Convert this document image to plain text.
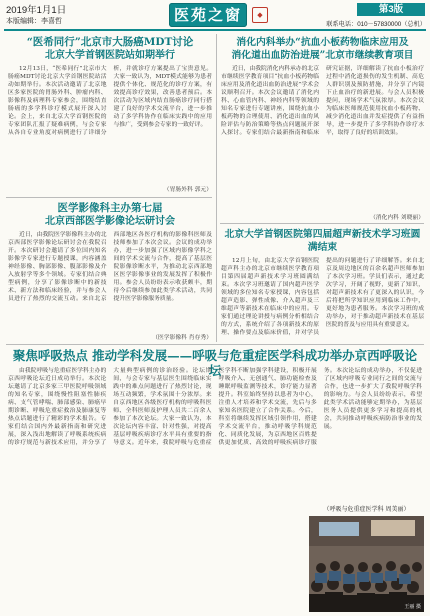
2019年1月1日
本版编辑：李喜哲	医苑之窗	◆	第3版
联系电话：010－57830000（总机）
“医希同行”北京市大肠癌MDT讨论
北京大学首钢医院站如期举行

12月13日，“医希同行”北京市大肠癌MDT讨论北京大学首钢医院站活动如期举行。本次活动邀请了北京地区多家医院的胃肠外科、肿瘤内科、影像科及病理科专家参会，围绕结直肠癌的多学科诊疗模式展开深入讨论。会上，来自北京大学首钢医院的专家团队汇报了疑难病例，与会专家从各自专业角度对病例进行了详细分析，并就诊疗方案提出了宝贵意见。大家一致认为，MDT模式能够为患者提供个体化、规范化的诊疗方案，有效提高诊疗效果，改善患者预后。本次活动为区域内结直肠癌诊疗同行搭建了良好的学术交流平台，进一步推动了多学科协作在临床实践中的应用与推广，受到参会专家的一致好评。

（胃肠外科 郭元）
医学影像科主办第七届
北京西部医学影像论坛研讨会

近日，由我院医学影像科主办的北京西部医学影像论坛研讨会在我院召开。本次研讨会邀请了多位国内知名影像学专家进行专题授课，内容涵盖神经影像、胸部影像、腹部影像及介入放射学等多个领域。专家们结合典型病例，分享了影像诊断中的新技术、新方法和临床经验，并与参会人员进行了热烈的交流互动。来自北京西部地区各医疗机构的影像科医师及技师参加了本次会议。会议的成功举办，进一步加强了区域内影像学科之间的学术交流与合作，提高了基层医院影像诊断水平，为推动北京西部地区医学影像事业的发展发挥了积极作用。参会人员纷纷表示收获颇丰，期待今后继续参加此类学术活动，共同提升医学影像服务质量。

（医学影像科 肖存秀）
消化内科举办“抗血小板药物临床应用及
消化道出血防治进展”北京市继续教育项目

近日，由我院消化内科承办的北京市继续医学教育项目“抗血小板药物临床应用及消化道出血防治进展”学术会议顺利召开。本次会议邀请了消化内科、心血管内科、神经内科等领域的知名专家进行专题讲座，围绕抗血小板药物的合理使用、消化道出血的风险评估与防治策略等热点问题展开深入探讨。专家们结合最新指南和临床研究证据，详细解读了抗血小板治疗过程中消化道损伤的发生机制、高危人群识别及预防措施，并分享了内镜下止血治疗的新进展。与会人员积极提问，现场学术气氛浓厚。本次会议为临床医师规范使用抗血小板药物、减少消化道出血并发症提供了有益指导，进一步提升了多学科协作诊疗水平，取得了良好的培训效果。

（消化内科 刘晓丽）
北京大学首钢医院第四届超声新技术学习班圆满结束

12月上旬，由北京大学首钢医院超声科主办的北京市继续医学教育项目第四届超声新技术学习班圆满结束。本次学习班邀请了国内超声医学领域的多位知名专家授课，内容包括超声造影、弹性成像、介入超声及三维超声等新技术在临床中的应用。专家们通过理论讲授与病例分析相结合的方式，系统介绍了各项新技术的原理、操作要点及临床价值，并对学员提出的问题进行了详细解答。来自北京及周边地区的百余名超声医师参加了本次学习班。学员们表示，通过此次学习，开阔了视野，更新了知识，对超声新技术有了更深入的认识，今后将把所学知识应用到临床工作中，更好地为患者服务。本次学习班的成功举办，对于推动超声新技术在基层医院的普及与应用具有重要意义。

聚焦呼吸热点 推动学科发展——呼吸与危重症医学科成功举办京西呼吸论坛

由我院呼吸与危重症医学科主办的京西呼吸论坛近日成功举行。本次论坛邀请了北京多家三甲医院呼吸领域的知名专家，围绕慢性阻塞性肺疾病、支气管哮喘、肺部感染、肺癌早期诊断、呼吸危重症救治及肺康复等热点话题进行了精彩的学术报告。专家们结合国内外最新指南和研究进展，深入浅出地解读了呼吸系统疾病的诊疗规范与新技术应用，并分享了大量典型病例的诊治经验。论坛期间，与会专家与基层医生围绕临床实践中的难点问题进行了热烈讨论，现场互动频繁，学术氛围十分浓厚。来自京西地区各级医疗机构的呼吸科医师、全科医师及护理人员共二百余人参加了本次论坛。大家一致认为，本次论坛内容丰富、针对性强，对提高基层呼吸疾病诊疗水平具有重要的指导意义。近年来，我院呼吸与危重症医学科不断加强学科建设，积极开展呼吸介入、无创通气、肺功能检查及睡眠呼吸监测等技术，诊疗能力显著提升。科室始终坚持以患者为中心，注重人才培养和学术交流，先后与多家知名医院建立了合作关系。今后，科室将继续发挥区域引领作用，搭建学术交流平台，推动呼吸学科规范化、同质化发展，为京西地区百姓提供更加优质、高效的呼吸疾病诊疗服务。本次论坛的成功举办，不仅促进了区域内呼吸专业同行之间的交流与合作，也进一步扩大了我院呼吸学科的影响力。与会人员纷纷表示，希望此类学术活动能够定期举办，为基层医务人员提供更多学习和提高的机会，共同推动呼吸疾病防治事业的发展。

（呼吸与危重症医学科 周美丽）
王丽 摄
